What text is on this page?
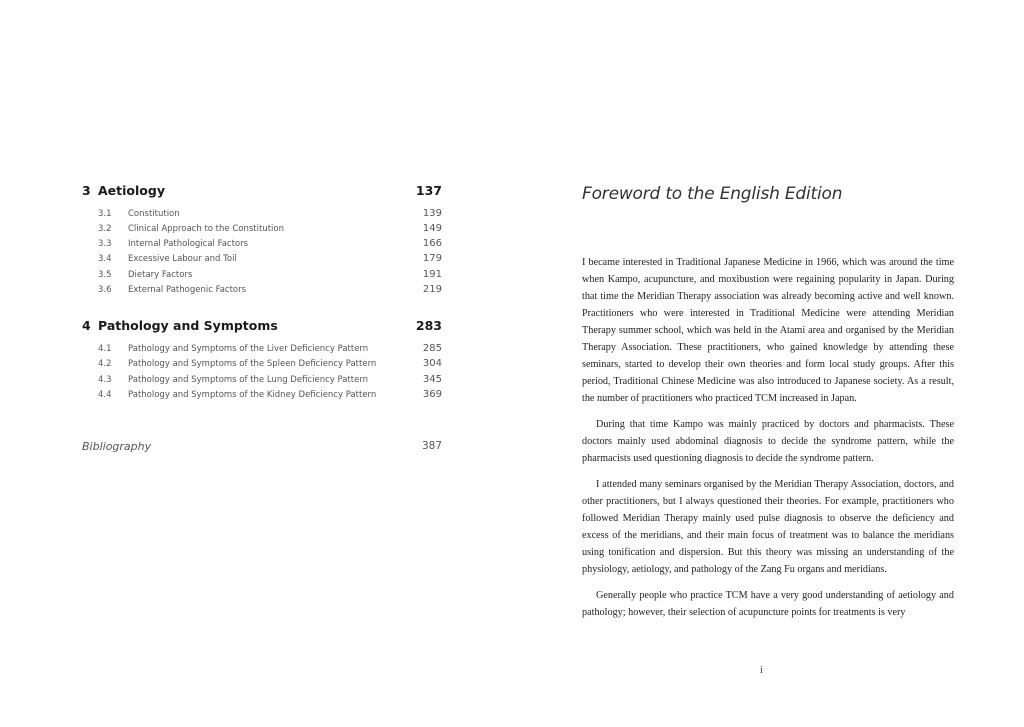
3 Aetiology	137
3.1 Constitution	139
3.2 Clinical Approach to the Constitution	149
3.3 Internal Pathological Factors	166
3.4 Excessive Labour and Toil	179
3.5 Dietary Factors	191
3.6 External Pathogenic Factors	219
4 Pathology and Symptoms	283
4.1 Pathology and Symptoms of the Liver Deficiency Pattern	285
4.2 Pathology and Symptoms of the Spleen Deficiency Pattern	304
4.3 Pathology and Symptoms of the Lung Deficiency Pattern	345
4.4 Pathology and Symptoms of the Kidney Deficiency Pattern	369
Bibliography	387
Foreword to the English Edition

I became interested in Traditional Japanese Medicine in 1966, which was around the time when Kampo, acupuncture, and moxibustion were regaining popularity in Japan. During that time the Meridian Therapy association was already becoming active and well known. Practitioners who were interested in Traditional Medicine were attending Meridian Therapy summer school, which was held in the Atami area and organised by the Meridian Therapy Association. These practitioners, who gained knowledge by attending these seminars, started to develop their own theories and form local study groups. After this period, Traditional Chinese Medicine was also introduced to Japanese society. As a result, the number of practitioners who practiced TCM increased in Japan.

During that time Kampo was mainly practiced by doctors and pharmacists. These doctors mainly used abdominal diagnosis to decide the syndrome pattern, while the pharmacists used questioning diagnosis to decide the syndrome pattern.

I attended many seminars organised by the Meridian Therapy Association, doctors, and other practitioners, but I always questioned their theories. For example, practitioners who followed Meridian Therapy mainly used pulse diagnosis to observe the deficiency and excess of the meridians, and their main focus of treatment was to balance the meridians using tonification and dispersion. But this theory was missing an understanding of the physiology, aetiology, and pathology of the Zang Fu organs and meridians.

Generally people who practice TCM have a very good understanding of aetiology and pathology; however, their selection of acupuncture points for treatments is very

i
